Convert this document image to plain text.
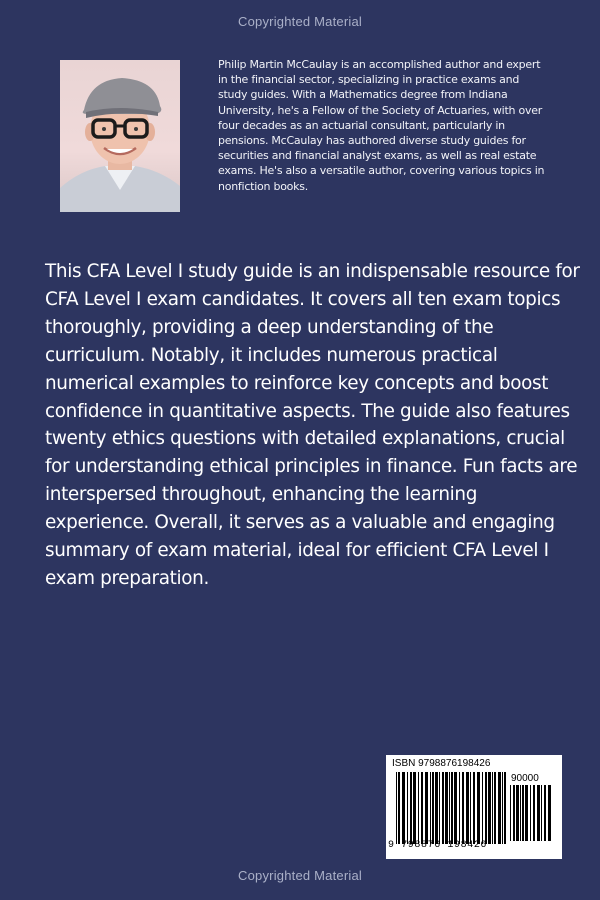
Copyrighted Material
Philip Martin McCaulay is an accomplished author and expert in the financial sector, specializing in practice exams and study guides. With a Mathematics degree from Indiana University, he's a Fellow of the Society of Actuaries, with over four decades as an actuarial consultant, particularly in pensions. McCaulay has authored diverse study guides for securities and financial analyst exams, as well as real estate exams. He's also a versatile author, covering various topics in nonfiction books.
This CFA Level I study guide is an indispensable resource for CFA Level I exam candidates. It covers all ten exam topics thoroughly, providing a deep understanding of the curriculum. Notably, it includes numerous practical numerical examples to reinforce key concepts and boost confidence in quantitative aspects. The guide also features twenty ethics questions with detailed explanations, crucial for understanding ethical principles in finance. Fun facts are interspersed throughout, enhancing the learning experience. Overall, it serves as a valuable and engaging summary of exam material, ideal for efficient CFA Level I exam preparation.
ISBN 9798876198426
90000
9 798876 198426
Copyrighted Material
